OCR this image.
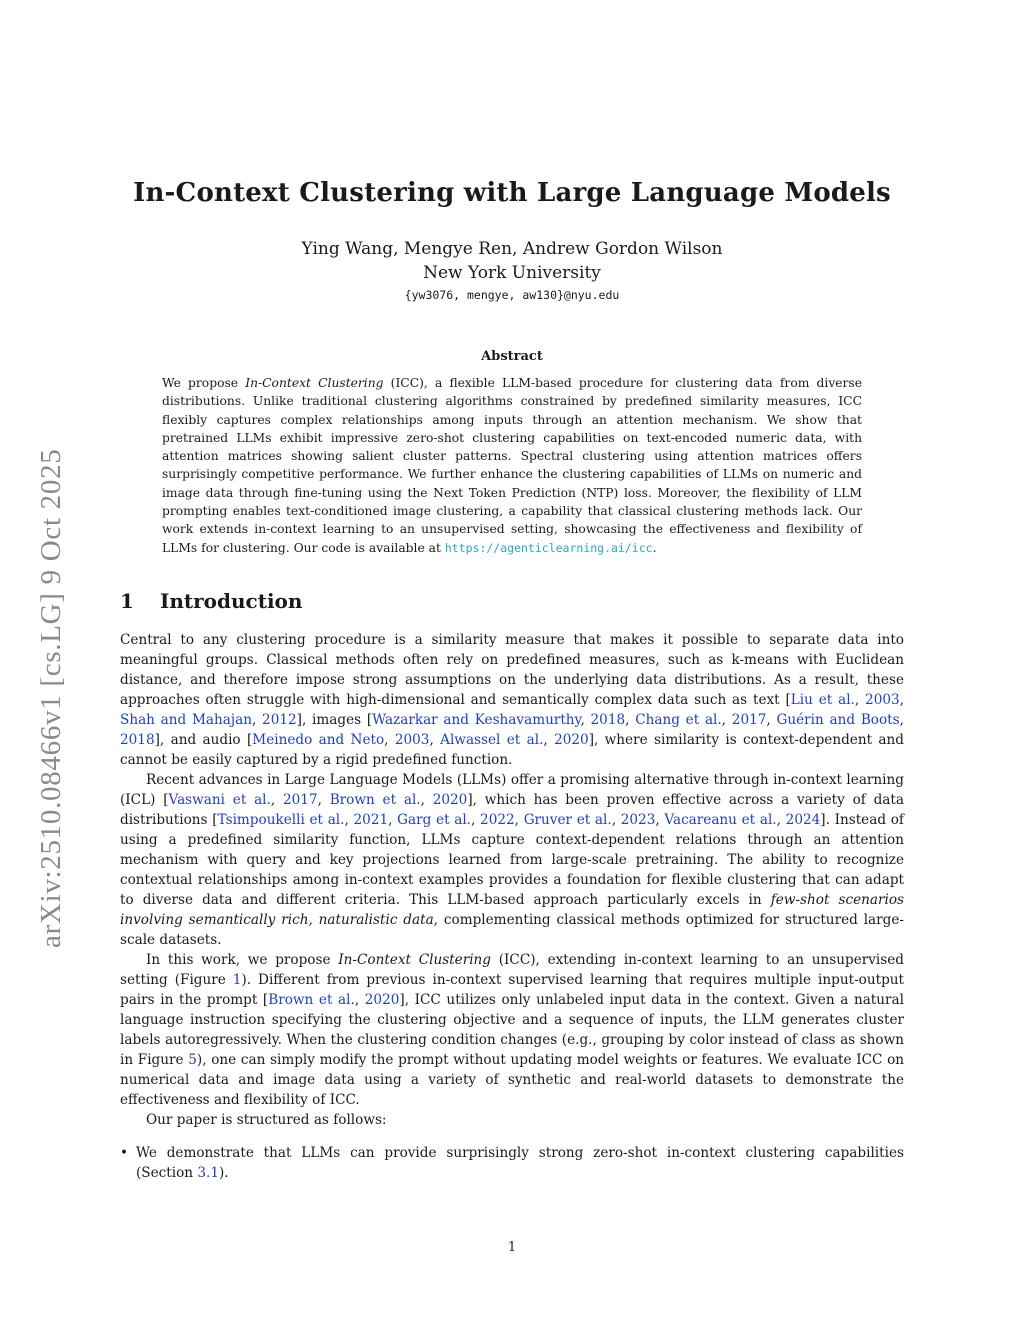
arXiv:2510.08466v1 [cs.LG] 9 Oct 2025
In-Context Clustering with Large Language Models
Ying Wang, Mengye Ren, Andrew Gordon Wilson
New York University
{yw3076, mengye, aw130}@nyu.edu
Abstract
We propose In-Context Clustering (ICC), a flexible LLM-based procedure for clustering data from diverse distributions. Unlike traditional clustering algorithms constrained by predefined similarity measures, ICC flexibly captures complex relationships among inputs through an attention mechanism. We show that pretrained LLMs exhibit impressive zero-shot clustering capabilities on text-encoded numeric data, with attention matrices showing salient cluster patterns. Spectral clustering using attention matrices offers surprisingly competitive performance. We further enhance the clustering capabilities of LLMs on numeric and image data through fine-tuning using the Next Token Prediction (NTP) loss. Moreover, the flexibility of LLM prompting enables text-conditioned image clustering, a capability that classical clustering methods lack. Our work extends in-context learning to an unsupervised setting, showcasing the effectiveness and flexibility of LLMs for clustering. Our code is available at https://agenticlearning.ai/icc.
1 Introduction

Central to any clustering procedure is a similarity measure that makes it possible to separate data into meaningful groups. Classical methods often rely on predefined measures, such as k-means with Euclidean distance, and therefore impose strong assumptions on the underlying data distributions. As a result, these approaches often struggle with high-dimensional and semantically complex data such as text [Liu et al., 2003, Shah and Mahajan, 2012], images [Wazarkar and Keshavamurthy, 2018, Chang et al., 2017, Guérin and Boots, 2018], and audio [Meinedo and Neto, 2003, Alwassel et al., 2020], where similarity is context-dependent and cannot be easily captured by a rigid predefined function.

Recent advances in Large Language Models (LLMs) offer a promising alternative through in-context learning (ICL) [Vaswani et al., 2017, Brown et al., 2020], which has been proven effective across a variety of data distributions [Tsimpoukelli et al., 2021, Garg et al., 2022, Gruver et al., 2023, Vacareanu et al., 2024]. Instead of using a predefined similarity function, LLMs capture context-dependent relations through an attention mechanism with query and key projections learned from large-scale pretraining. The ability to recognize contextual relationships among in-context examples provides a foundation for flexible clustering that can adapt to diverse data and different criteria. This LLM-based approach particularly excels in few-shot scenarios involving semantically rich, naturalistic data, complementing classical methods optimized for structured large-scale datasets.

In this work, we propose In-Context Clustering (ICC), extending in-context learning to an unsupervised setting (Figure 1). Different from previous in-context supervised learning that requires multiple input-output pairs in the prompt [Brown et al., 2020], ICC utilizes only unlabeled input data in the context. Given a natural language instruction specifying the clustering objective and a sequence of inputs, the LLM generates cluster labels autoregressively. When the clustering condition changes (e.g., grouping by color instead of class as shown in Figure 5), one can simply modify the prompt without updating model weights or features. We evaluate ICC on numerical data and image data using a variety of synthetic and real-world datasets to demonstrate the effectiveness and flexibility of ICC.

Our paper is structured as follows:

• We demonstrate that LLMs can provide surprisingly strong zero-shot in-context clustering capabilities (Section 3.1).
1
